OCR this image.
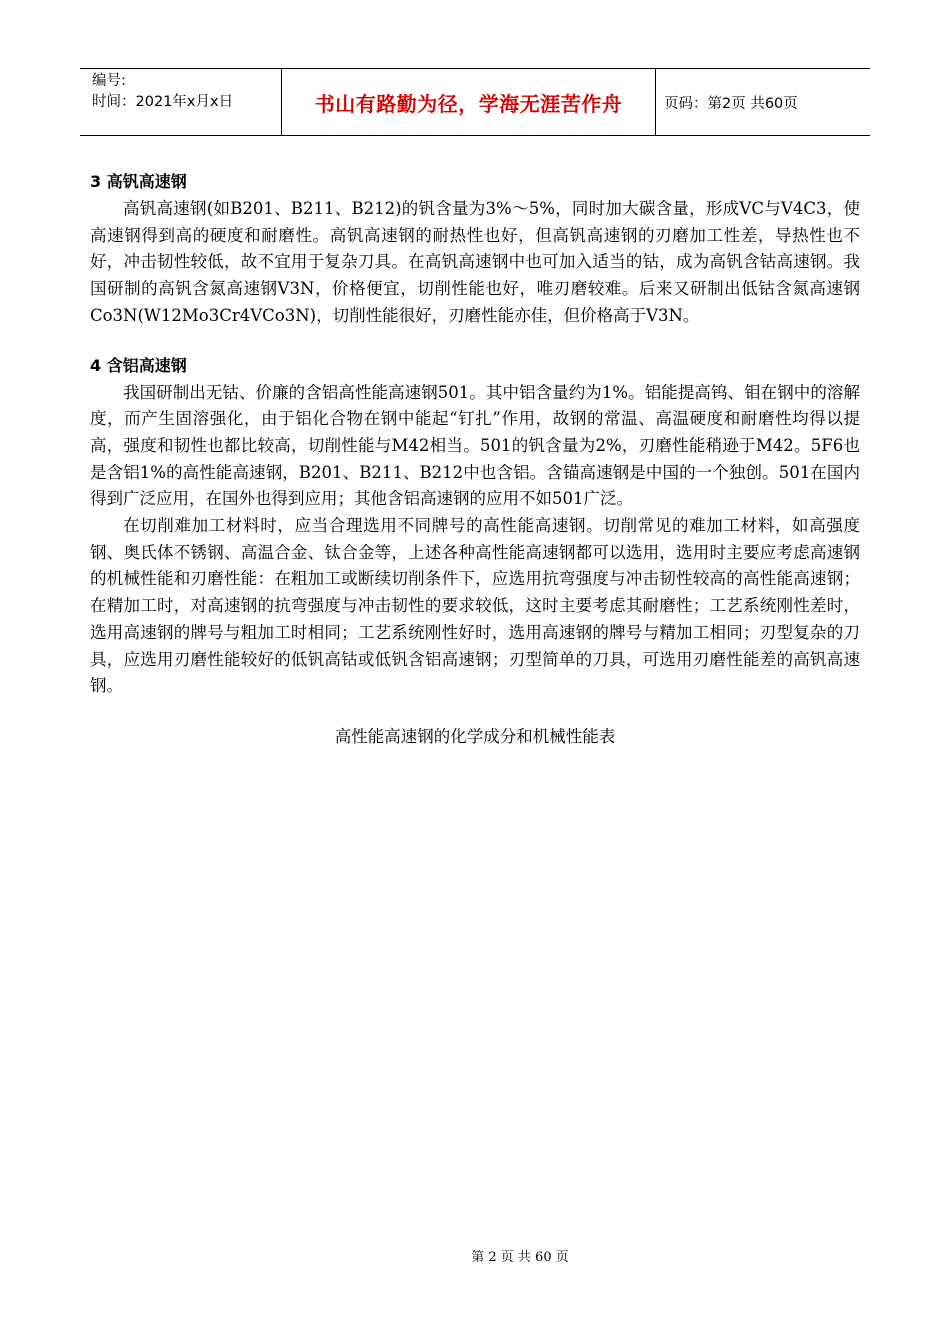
编号:
时间：2021年x月x日	书山有路勤为径，学海无涯苦作舟	页码：第2页 共60页
3 高钒高速钢

高钒高速钢(如B201、B211、B212)的钒含量为3%～5%，同时加大碳含量，形成VC与V4C3，使高速钢得到高的硬度和耐磨性。高钒高速钢的耐热性也好，但高钒高速钢的刃磨加工性差，导热性也不好，冲击韧性较低，故不宜用于复杂刀具。在高钒高速钢中也可加入适当的钴，成为高钒含钴高速钢。我国研制的高钒含氮高速钢V3N，价格便宜，切削性能也好，唯刃磨较难。后来又研制出低钴含氮高速钢Co3N(W12Mo3Cr4VCo3N)，切削性能很好，刃磨性能亦佳，但价格高于V3N。

4 含铝高速钢

我国研制出无钴、价廉的含铝高性能高速钢501。其中铝含量约为1%。铝能提高钨、钼在钢中的溶解度，而产生固溶强化，由于铝化合物在钢中能起“钉扎”作用，故钢的常温、高温硬度和耐磨性均得以提高，强度和韧性也都比较高，切削性能与M42相当。501的钒含量为2%，刃磨性能稍逊于M42。5F6也是含铝1%的高性能高速钢，B201、B211、B212中也含铝。含锚高速钢是中国的一个独创。501在国内得到广泛应用，在国外也得到应用；其他含铝高速钢的应用不如501广泛。

在切削难加工材料时，应当合理选用不同牌号的高性能高速钢。切削常见的难加工材料，如高强度钢、奥氏体不锈钢、高温合金、钛合金等，上述各种高性能高速钢都可以选用，选用时主要应考虑高速钢的机械性能和刃磨性能：在粗加工或断续切削条件下，应选用抗弯强度与冲击韧性较高的高性能高速钢；在精加工时，对高速钢的抗弯强度与冲击韧性的要求较低，这时主要考虑其耐磨性；工艺系统刚性差时，选用高速钢的牌号与粗加工时相同；工艺系统刚性好时，选用高速钢的牌号与精加工相同；刃型复杂的刀具，应选用刃磨性能较好的低钒高钴或低钒含铝高速钢；刃型简单的刀具，可选用刃磨性能差的高钒高速钢。

高性能高速钢的化学成分和机械性能表
第 2 页 共 60 页
